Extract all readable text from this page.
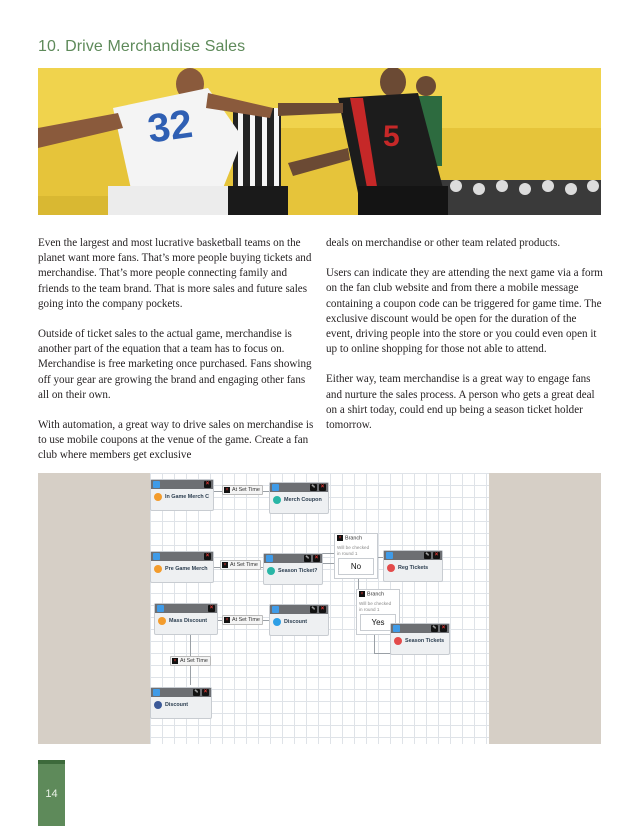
10. Drive Merchandise Sales
32	5

Even the largest and most lucrative basketball teams on the planet want more fans. That’s more people buying tickets and merchandise. That’s more people connecting family and friends to the team brand. That is more sales and future sales going into the company pockets.

Outside of ticket sales to the actual game, merchandise is another part of the equation that a team has to focus on. Merchandise is free marketing once purchased. Fans showing off your gear are growing the brand and engaging other fans all on their own.

With automation, a great way to drive sales on merchandise is to use mobile coupons at the venue of the game. Create a fan club where members get exclusive

deals on merchandise or other team related products.

Users can indicate they are attending the next game via a form on the fan club website and from there a mobile message containing a coupon code can be triggered for game time. The exclusive discount would be open for the duration of the event, driving people into the store or you could even open it up to online shopping for those not able to attend.

Either way, team merchandise is a great way to engage fans and nurture the sales process. A person who gets a great deal on a shirt today, could end up being a season ticket holder tomorrow.

×
In Game Merch C
× At Set Time	✎ ×
Merch Coupon
×
Pre Game Merch
× At Set Time
✎ ×
Season Ticket?
× Branch
Will be checked
in round 1
No
✎ ×
Reg Tickets
× Branch
Will be checked
in round 1
Yes
×
Mass Discount	× At Set Time
✎ ×
Discount
✎ ×
Season Tickets
× At Set Time
✎ ×
Discount
14
